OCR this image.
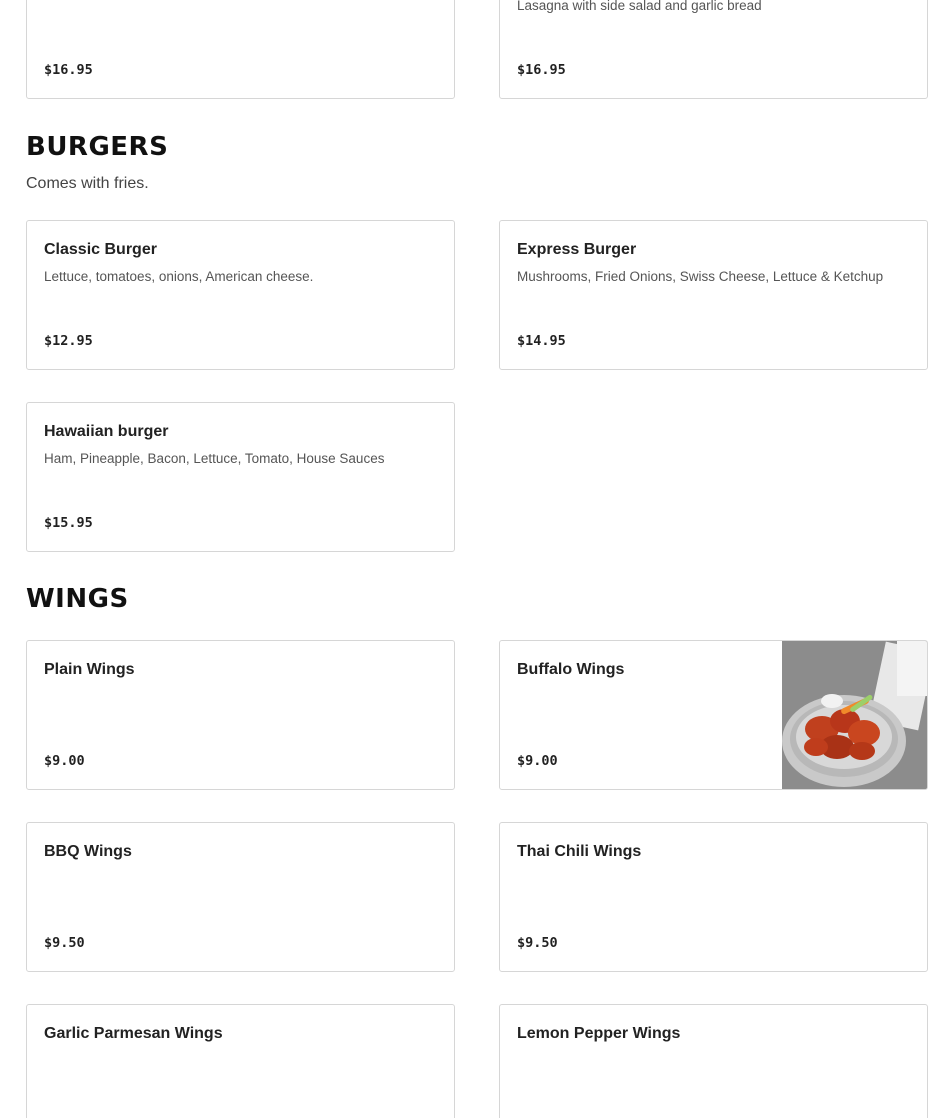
$16.95
Lasagna with side salad and garlic bread
$16.95
BURGERS

Comes with fries.

Classic Burger
Lettuce, tomatoes, onions, American cheese.
$12.95
Express Burger
Mushrooms, Fried Onions, Swiss Cheese, Lettuce & Ketchup
$14.95
Hawaiian burger
Ham, Pineapple, Bacon, Lettuce, Tomato, House Sauces
$15.95
WINGS
Plain Wings
$9.00
Buffalo Wings
$9.00
BBQ Wings
$9.50
Thai Chili Wings
$9.50
Garlic Parmesan Wings	Lemon Pepper Wings
